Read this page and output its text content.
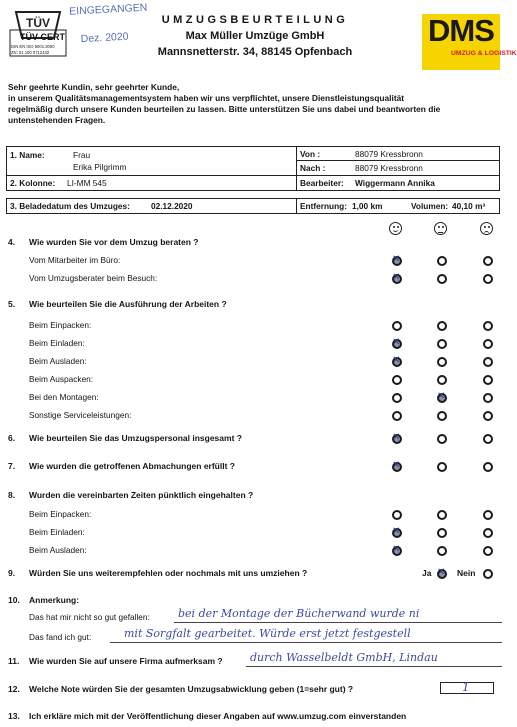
TÜV
TÜV CERT
DIN EN ISO 9001:2000
ZN: 01 100 0712432
EINGEGANGEN
Dez. 2020
UMZUGSBEURTEILUNG
Max Müller Umzüge GmbH
Mannsnetterstr. 34, 88145 Opfenbach
DMS
UMZUG & LOGISTIK
Sehr geehrte Kundin, sehr geehrter Kunde,
in unserem Qualitätsmanagementsystem haben wir uns verpflichtet, unsere Dienstleistungsqualität
regelmäßig durch unsere Kunden beurteilen zu lassen. Bitte unterstützen Sie uns dabei und beantworten die
untenstehenden Fragen.
1. Name:	Frau
Erika Pilgrimm
Von :	88079 Kressbronn
Nach :	88079 Kressbronn
2. Kolonne: LI-MM 545	Bearbeiter: Wiggermann Annika
3. Beladedatum des Umzuges:	02.12.2020	Entfernung: 1,00 km	Volumen: 40,10 m³
4. Wie wurden Sie vor dem Umzug beraten ?
Vom Mitarbeiter im Büro:
✕
Vom Umzugsberater beim Besuch:
✕
5. Wie beurteilen Sie die Ausführung der Arbeiten ?
Beim Einpacken:
Beim Einladen:
✕
Beim Ausladen:
✕
Beim Auspacken:
Bei den Montagen:
✕
Sonstige Serviceleistungen:
6. Wie beurteilen Sie das Umzugspersonal insgesamt ?
✕
7. Wie wurden die getroffenen Abmachungen erfüllt ?
✕
8. Wurden die vereinbarten Zeiten pünktlich eingehalten ?
Beim Einpacken:
Beim Einladen:
✕
Beim Ausladen:
✕
9. Würden Sie uns weiterempfehlen oder nochmals mit uns umziehen ?
10. Anmerkung:
11. Wie wurden Sie auf unsere Firma aufmerksam ?
12. Welche Note würden Sie der gesamten Umzugsabwicklung geben (1=sehr gut) ?
13. Ich erkläre mich mit der Veröffentlichung dieser Angaben auf www.umzug.com einverstanden
Ja
✕	Nein
Das hat mir nicht so gut gefallen:	bei der Montage der Bücherwand wurde ni
Das fand ich gut:	mit Sorgfalt gearbeitet. Würde erst jetzt festgestell
durch Wasselbeldt GmbH, Lindau
1
